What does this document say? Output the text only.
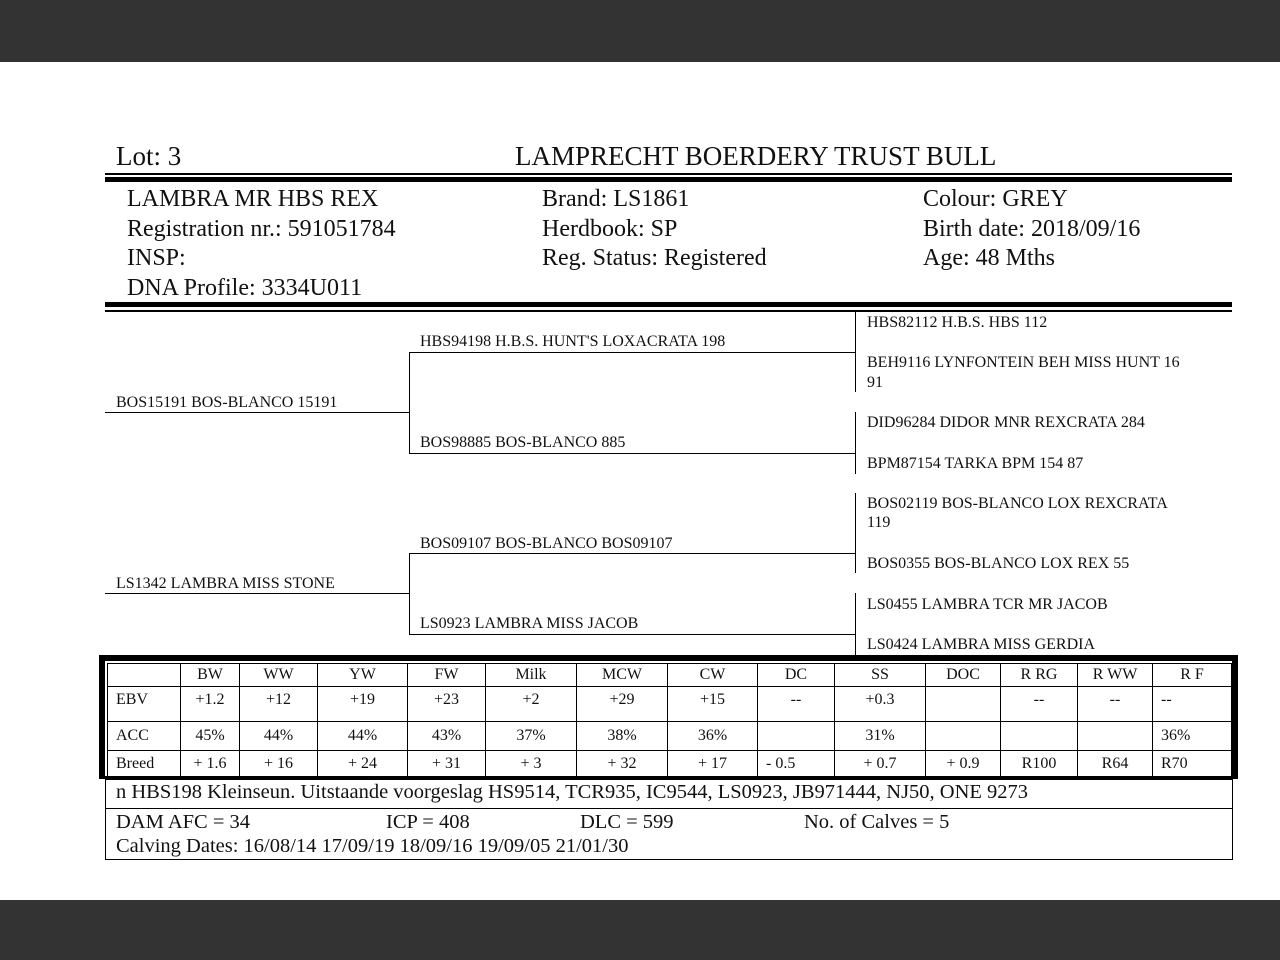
Lot: 3	LAMPRECHT BOERDERY TRUST BULL
LAMBRA MR HBS REX
Registration nr.: 591051784
INSP:
DNA Profile: 3334U011
Brand: LS1861
Herdbook: SP
Reg. Status: Registered
Colour: GREY
Birth date: 2018/09/16
Age: 48 Mths
BOS15191 BOS-BLANCO 15191
LS1342 LAMBRA MISS STONE
HBS94198 H.B.S. HUNT'S LOXACRATA 198
BOS98885 BOS-BLANCO 885
BOS09107 BOS-BLANCO BOS09107
LS0923 LAMBRA MISS JACOB
HBS82112 H.B.S. HBS 112
BEH9116 LYNFONTEIN BEH MISS HUNT 16
91
DID96284 DIDOR MNR REXCRATA 284
BPM87154 TARKA BPM 154 87
BOS02119 BOS-BLANCO LOX REXCRATA
119
BOS0355 BOS-BLANCO LOX REX 55
LS0455 LAMBRA TCR MR JACOB
LS0424 LAMBRA MISS GERDIA
	BW	WW	YW	FW	Milk	MCW	CW	DC	SS	DOC	R RG	R WW	R F
EBV	+1.2	+12	+19	+23	+2	+29	+15	--	+0.3		--	--	--
ACC	45%	44%	44%	43%	37%	38%	36%		31%				36%
Breed	+ 1.6	+ 16	+ 24	+ 31	+ 3	+ 32	+ 17	- 0.5	+ 0.7	+ 0.9	R100	R64	R70
n HBS198 Kleinseun. Uitstaande voorgeslag HS9514, TCR935, IC9544, LS0923, JB971444, NJ50, ONE 9273
DAM AFC = 34	ICP = 408	DLC = 599	No. of Calves = 5
Calving Dates: 16/08/14 17/09/19 18/09/16 19/09/05 21/01/30
